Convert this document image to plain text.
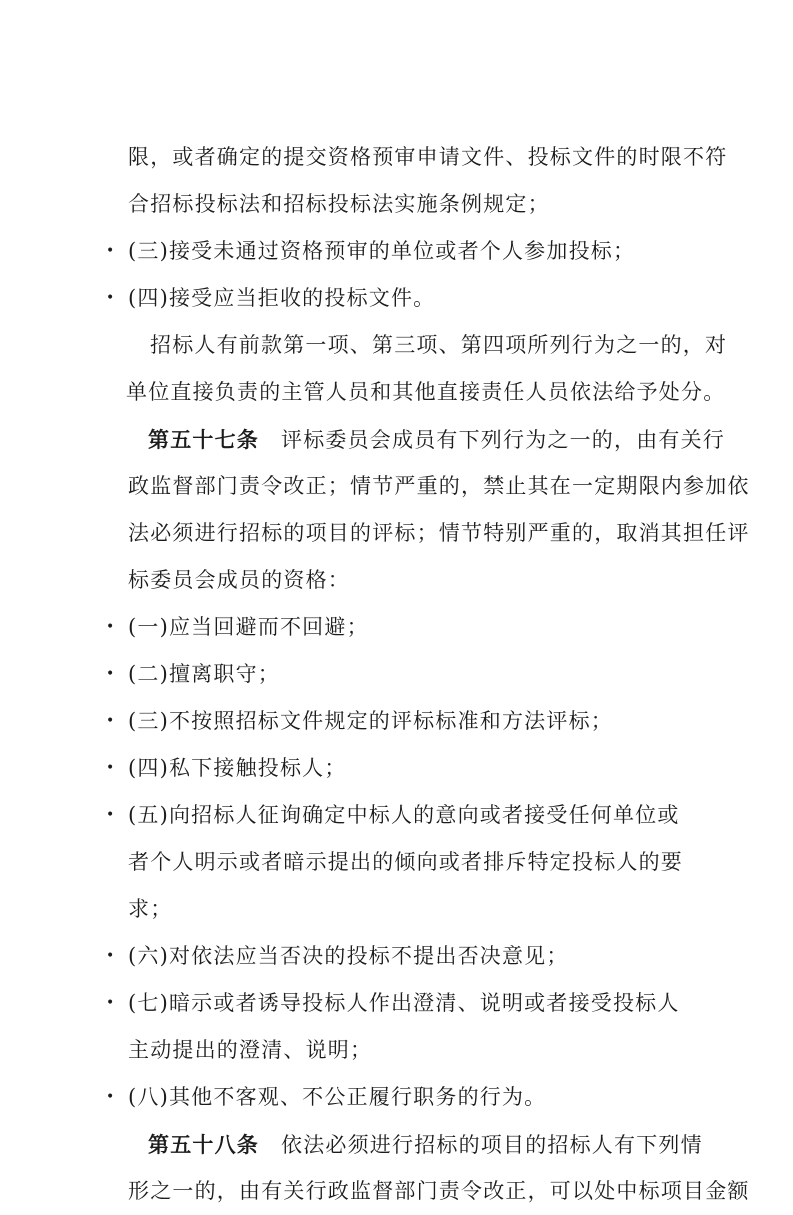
限，或者确定的提交资格预审申请文件、投标文件的时限不符
合招标投标法和招标投标法实施条例规定；
• (三)接受未通过资格预审的单位或者个人参加投标；
• (四)接受应当拒收的投标文件。
招标人有前款第一项、第三项、第四项所列行为之一的，对
单位直接负责的主管人员和其他直接责任人员依法给予处分。
第五十七条 评标委员会成员有下列行为之一的，由有关行
政监督部门责令改正；情节严重的，禁止其在一定期限内参加依
法必须进行招标的项目的评标；情节特别严重的，取消其担任评
标委员会成员的资格：
• (一)应当回避而不回避；
• (二)擅离职守；
• (三)不按照招标文件规定的评标标准和方法评标；
• (四)私下接触投标人；
• (五)向招标人征询确定中标人的意向或者接受任何单位或
者个人明示或者暗示提出的倾向或者排斥特定投标人的要
求；
• (六)对依法应当否决的投标不提出否决意见；
• (七)暗示或者诱导投标人作出澄清、说明或者接受投标人
主动提出的澄清、说明；
• (八)其他不客观、不公正履行职务的行为。
第五十八条 依法必须进行招标的项目的招标人有下列情
形之一的，由有关行政监督部门责令改正，可以处中标项目金额
